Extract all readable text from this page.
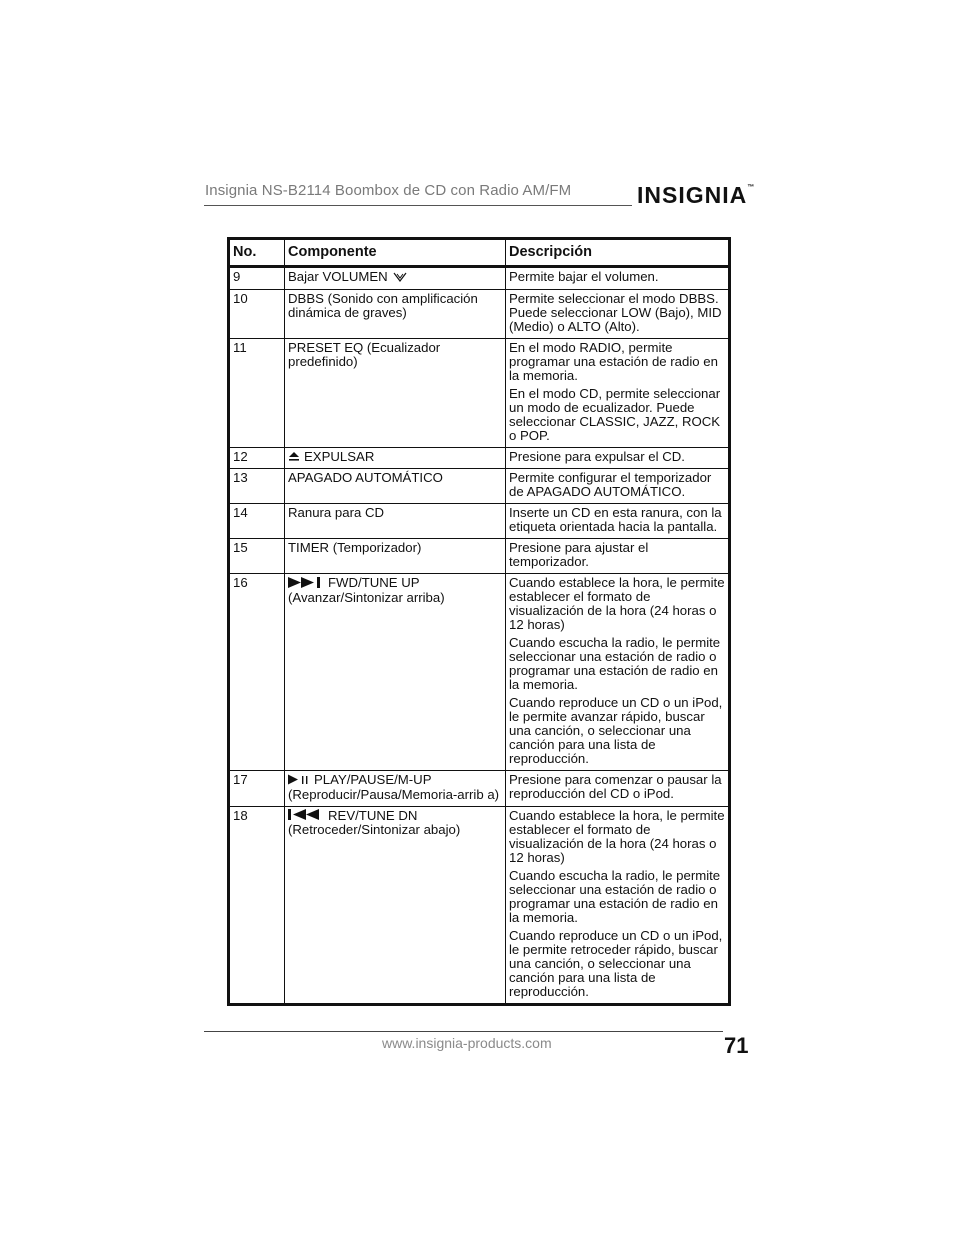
Insignia NS-B2114 Boombox de CD con Radio AM/FM	INSIGNIA™
No.	Componente	Descripción
9	Bajar VOLUMEN	Permite bajar el volumen.

10	DBBS (Sonido con amplificación dinámica de graves)	Permite seleccionar el modo DBBS. Puede seleccionar LOW (Bajo), MID (Medio) o ALTO (Alto).

11	PRESET EQ (Ecualizador predefinido)	En el modo RADIO, permite programar una estación de radio en la memoria.

En el modo CD, permite seleccionar un modo de ecualizador. Puede seleccionar CLASSIC, JAZZ, ROCK o POP.

12	EXPULSAR	Presione para expulsar el CD.

13	APAGADO AUTOMÁTICO	Permite configurar el temporizador de APAGADO AUTOMÁTICO.

14	Ranura para CD	Inserte un CD en esta ranura, con la etiqueta orientada hacia la pantalla.

15	TIMER (Temporizador)	Presione para ajustar el temporizador.

16	FWD/TUNE UP (Avanzar/Sintonizar arriba)	Cuando establece la hora, le permite establecer el formato de visualización de la hora (24 horas o 12 horas)

Cuando escucha la radio, le permite seleccionar una estación de radio o programar una estación de radio en la memoria.

Cuando reproduce un CD o un iPod, le permite avanzar rápido, buscar una canción, o seleccionar una canción para una lista de reproducción.

17	PLAY/PAUSE/M-UP (Reproducir/Pausa/Memoria-arrib a)	Presione para comenzar o pausar la reproducción del CD o iPod.

18	REV/TUNE DN (Retroceder/Sintonizar abajo)	Cuando establece la hora, le permite establecer el formato de visualización de la hora (24 horas o 12 horas)

Cuando escucha la radio, le permite seleccionar una estación de radio o programar una estación de radio en la memoria.

Cuando reproduce un CD o un iPod, le permite retroceder rápido, buscar una canción, o seleccionar una canción para una lista de reproducción.

www.insignia-products.com	71
